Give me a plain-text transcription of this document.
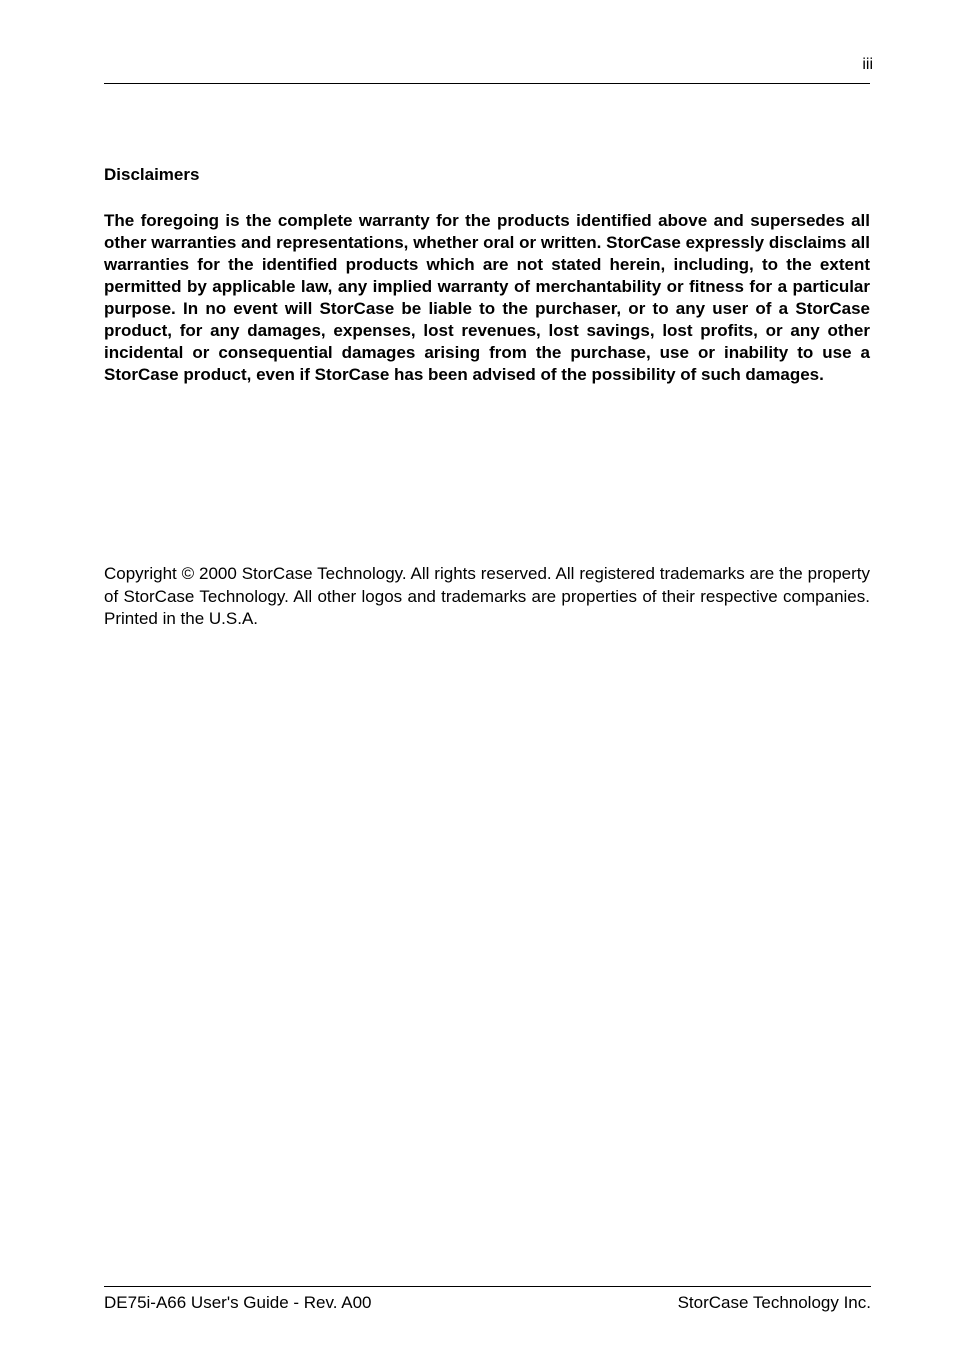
iii
Disclaimers

The foregoing is the complete warranty for the products identified above and supersedes all other warranties and representations, whether oral or written. StorCase expressly disclaims all warranties for the identified products which are not stated herein, including, to the extent permitted by applicable law, any implied warranty of merchantability or fitness for a particular purpose. In no event will StorCase be liable to the purchaser, or to any user of a StorCase product, for any damages, expenses, lost revenues, lost savings, lost profits, or any other incidental or consequential damages arising from the purchase, use or inability to use a StorCase product, even if StorCase has been advised of the possibility of such damages.

Copyright © 2000 StorCase Technology. All rights reserved. All registered trademarks are the property of StorCase Technology. All other logos and trademarks are properties of their respective companies. Printed in the U.S.A.

DE75i-A66 User's Guide - Rev. A00	StorCase Technology Inc.
